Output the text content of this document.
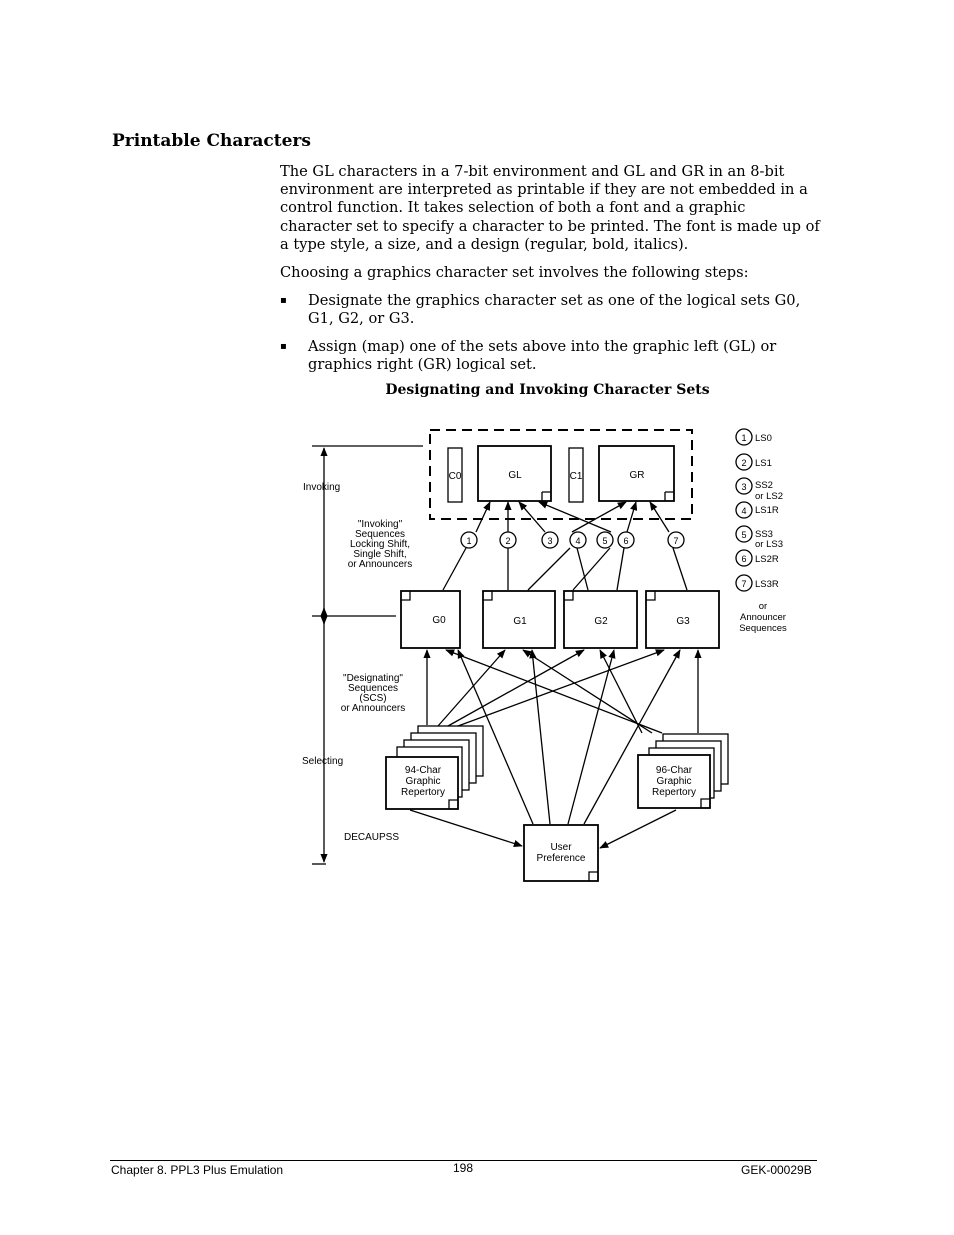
Printable Characters

The GL characters in a 7-bit environment and GL and GR in an 8-bit environment are interpreted as printable if they are not embedded in a control function. It takes selection of both a font and a graphic character set to specify a character to be printed. The font is made up of a type style, a size, and a design (regular, bold, italics).

Choosing a graphics character set involves the following steps:

▪ Designate the graphics character set as one of the logical sets G0, G1, G2, or G3.
▪ Assign (map) one of the sets above into the graphic left (GL) or graphics right (GR) logical set.

Designating and Invoking Character Sets

C0	C1
GL	GR
G0	G1	G2	G3
Invoking
Selecting
DECAUPSS
"Invoking"
Sequences
Locking Shift,
Single Shift,
or Announcers
"Designating"
Sequences
(SCS)
or Announcers
94-Char
Graphic
Repertory
96-Char
Graphic
Repertory
User
Preference
1	2	3	4 5 6	7
1
2
3
4
5
6
7
LS0
LS1
SS2
or LS2
LS1R
SS3
or LS3
LS2R
LS3R
or
Announcer
Sequences
Chapter 8. PPL3 Plus Emulation	198	GEK-00029B
